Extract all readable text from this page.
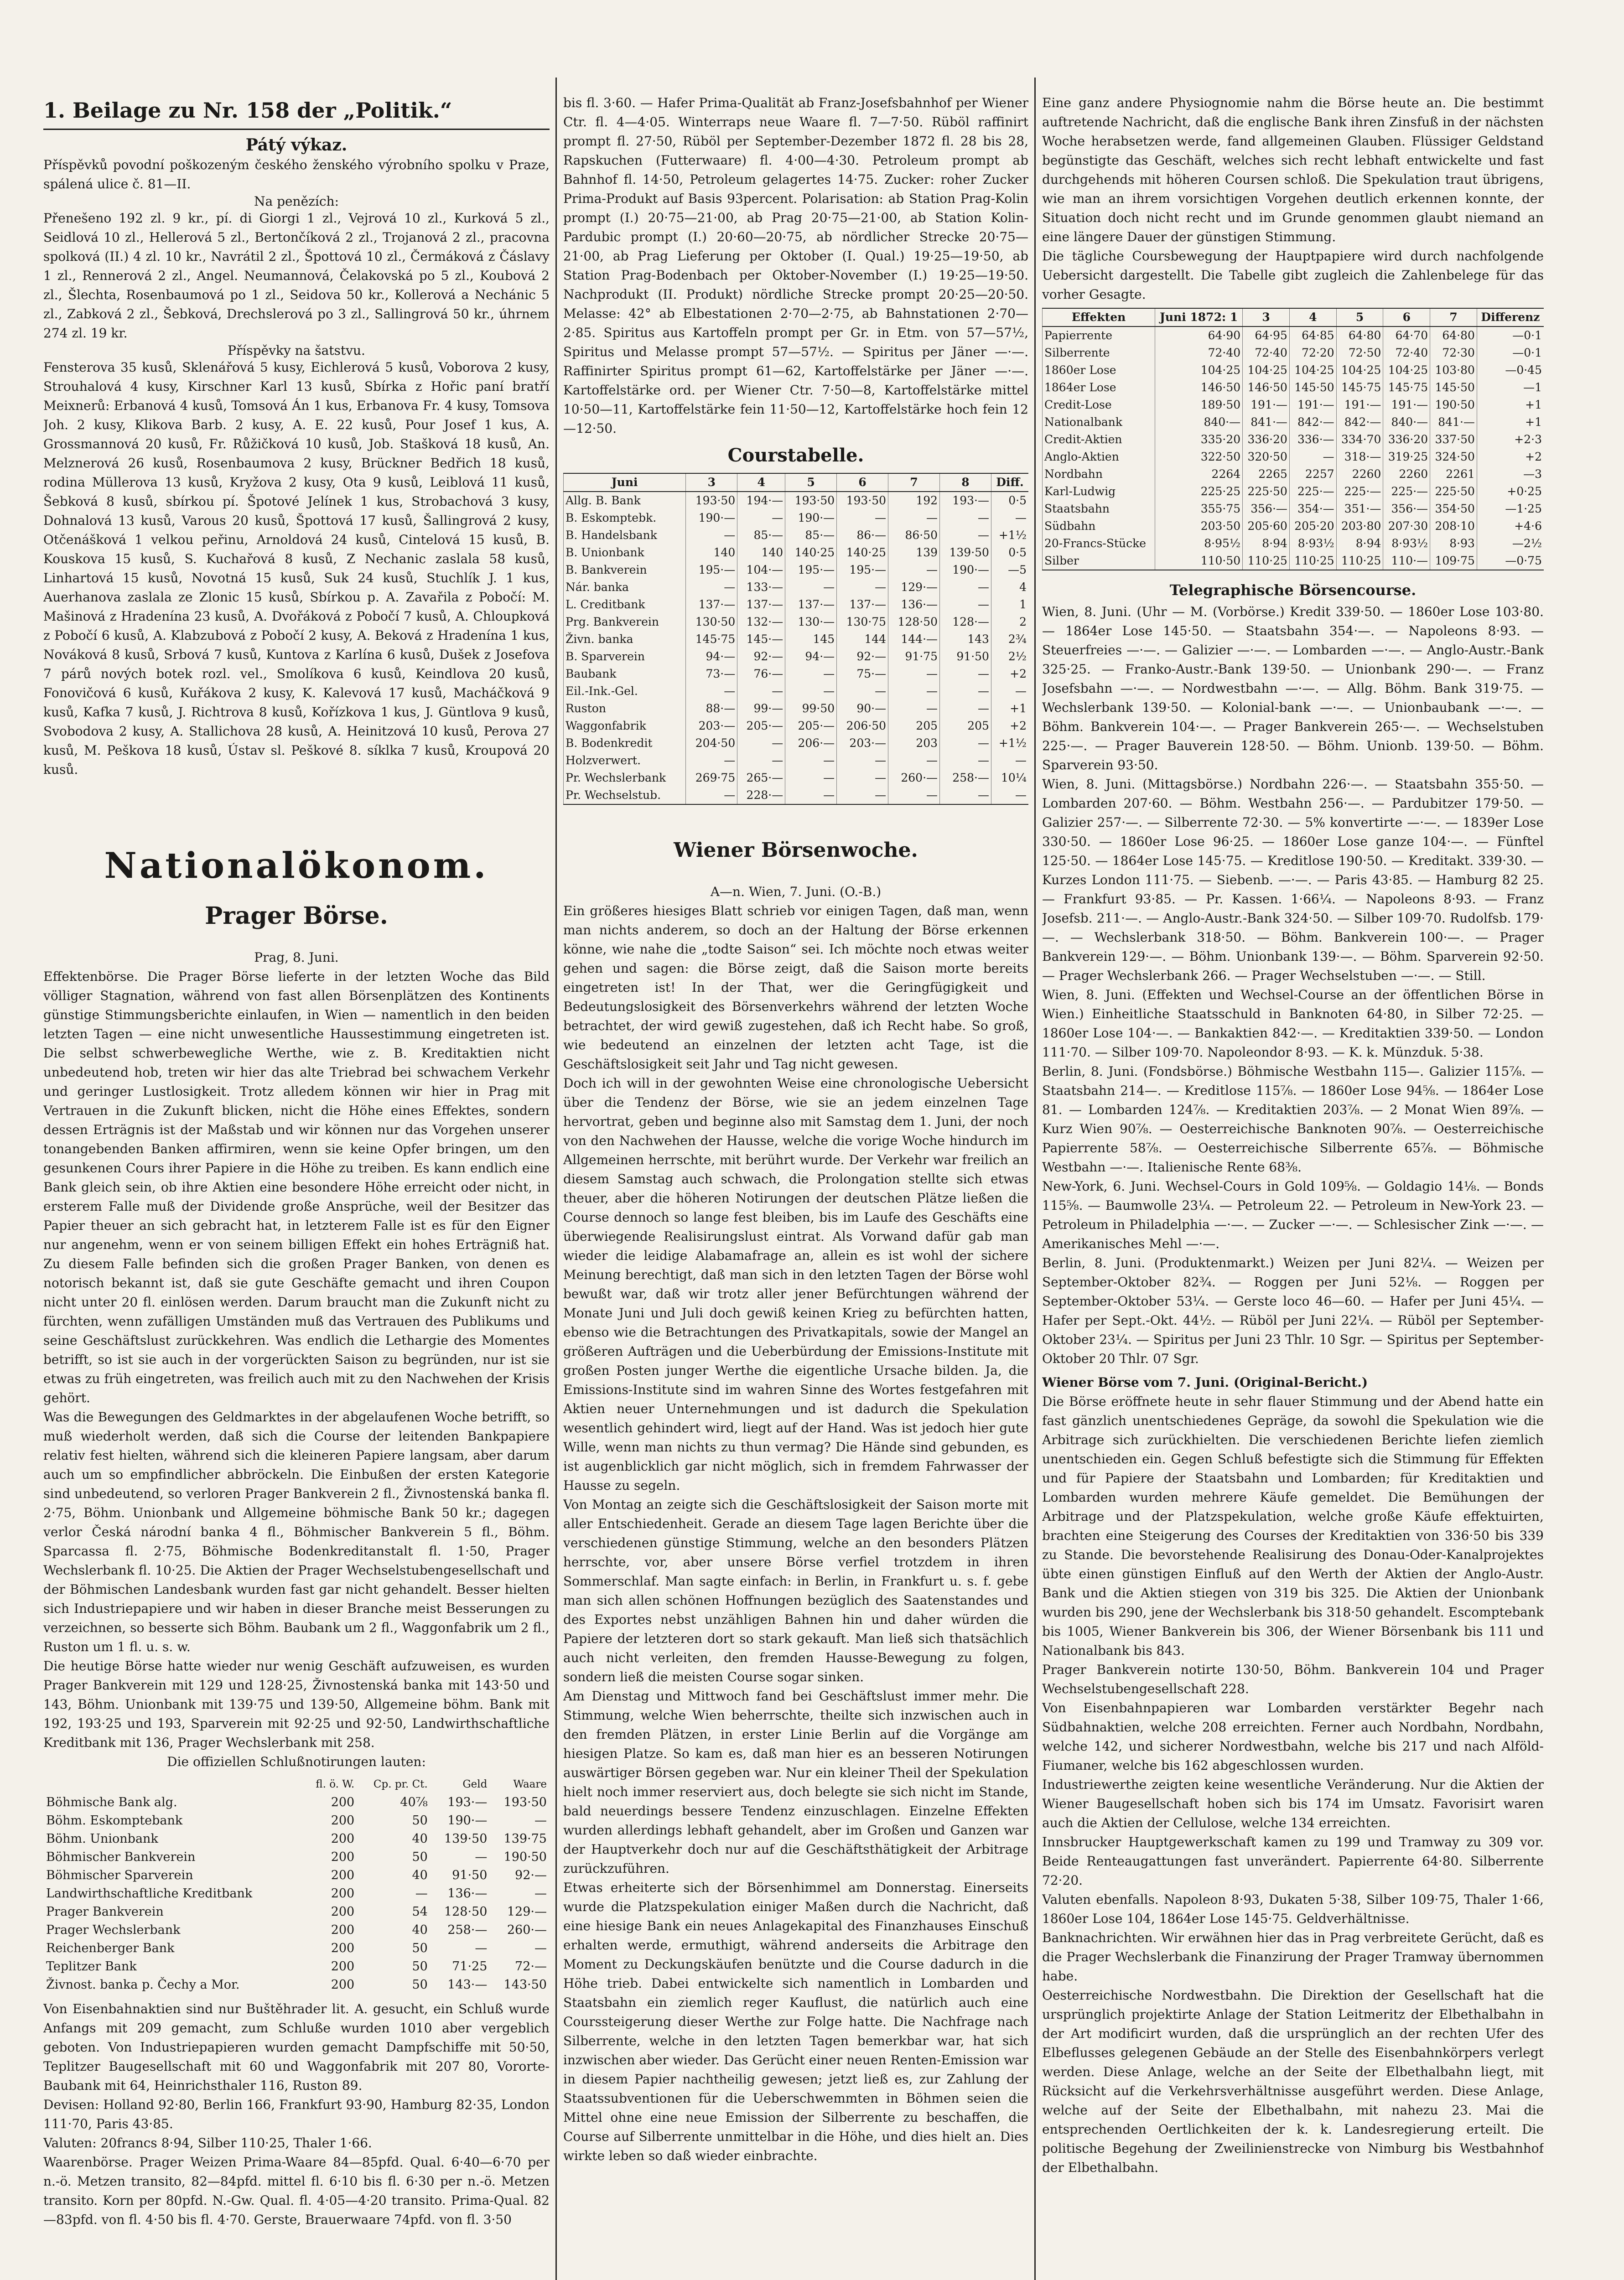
1. Beilage zu Nr. 158 der „Politik.“
Pátý výkaz.

Příspěvků povodní poškozeným českého ženského výrobního spolku v Praze, spálená ulice č. 81—II.

Na penězích:

Přenešeno 192 zl. 9 kr., pí. di Giorgi 1 zl., Vejrová 10 zl., Kurková 5 zl., Seidlová 10 zl., Hellerová 5 zl., Bertončíková 2 zl., Trojanová 2 zl., pracovna spolková (II.) 4 zl. 10 kr., Navrátil 2 zl., Špottová 10 zl., Čermáková z Čáslavy 1 zl., Rennerová 2 zl., Angel. Neumannová, Čelakovská po 5 zl., Koubová 2 zl., Šlechta, Rosenbaumová po 1 zl., Seidova 50 kr., Kollerová a Nechánic 5 zl., Zabková 2 zl., Šebková, Drechslerová po 3 zl., Sallingrová 50 kr., úhrnem 274 zl. 19 kr.

Příspěvky na šatstvu.

Fensterova 35 kusů, Sklenářová 5 kusy, Eichlerová 5 kusů, Voborova 2 kusy, Strouhalová 4 kusy, Kirschner Karl 13 kusů, Sbírka z Hořic paní bratří Meixnerů: Erbanová 4 kusů, Tomsová Án 1 kus, Erbanova Fr. 4 kusy, Tomsova Joh. 2 kusy, Klikova Barb. 2 kusy, A. E. 22 kusů, Pour Josef 1 kus, A. Grossmannová 20 kusů, Fr. Růžičková 10 kusů, Job. Stašková 18 kusů, An. Melznerová 26 kusů, Rosenbaumova 2 kusy, Brückner Bedřich 18 kusů, rodina Müllerova 13 kusů, Kryžova 2 kusy, Ota 9 kusů, Leiblová 11 kusů, Šebková 8 kusů, sbírkou pí. Špotové Jelínek 1 kus, Strobachová 3 kusy, Dohnalová 13 kusů, Varous 20 kusů, Špottová 17 kusů, Šallingrová 2 kusy, Otčenášková 1 velkou peřinu, Arnoldová 24 kusů, Cintelová 15 kusů, B. Kouskova 15 kusů, S. Kuchařová 8 kusů, Z Nechanic zaslala 58 kusů, Linhartová 15 kusů, Novotná 15 kusů, Suk 24 kusů, Stuchlík J. 1 kus, Auerhanova zaslala ze Zlonic 15 kusů, Sbírkou p. A. Zavařila z Pobočí: M. Mašinová z Hradenína 23 kusů, A. Dvořáková z Pobočí 7 kusů, A. Chloupková z Pobočí 6 kusů, A. Klabzubová z Pobočí 2 kusy, A. Beková z Hradenína 1 kus, Nováková 8 kusů, Srbová 7 kusů, Kuntova z Karlína 6 kusů, Dušek z Josefova 7 párů nových botek rozl. vel., Smolíkova 6 kusů, Keindlova 20 kusů, Fonovičová 6 kusů, Kuřákova 2 kusy, K. Kalevová 17 kusů, Macháčková 9 kusů, Kafka 7 kusů, J. Richtrova 8 kusů, Kořízkova 1 kus, J. Güntlova 9 kusů, Svobodova 2 kusy, A. Stallichova 28 kusů, A. Heinitzová 10 kusů, Perova 27 kusů, M. Peškova 18 kusů, Ústav sl. Peškové 8. síklka 7 kusů, Kroupová 20 kusů.

Nationalökonom.
Prager Börse.
Prag, 8. Juni.

Effektenbörse. Die Prager Börse lieferte in der letzten Woche das Bild völliger Stagnation, während von fast allen Börsenplätzen des Kontinents günstige Stimmungsberichte einlaufen, in Wien — namentlich in den beiden letzten Tagen — eine nicht unwesentliche Haussestimmung eingetreten ist. Die selbst schwerbewegliche Werthe, wie z. B. Kreditaktien nicht unbedeutend hob, treten wir hier das alte Triebrad bei schwachem Verkehr und geringer Lustlosigkeit. Trotz alledem können wir hier in Prag mit Vertrauen in die Zukunft blicken, nicht die Höhe eines Effektes, sondern dessen Erträgnis ist der Maßstab und wir können nur das Vorgehen unserer tonangebenden Banken affirmiren, wenn sie keine Opfer bringen, um den gesunkenen Cours ihrer Papiere in die Höhe zu treiben. Es kann endlich eine Bank gleich sein, ob ihre Aktien eine besondere Höhe erreicht oder nicht, in ersterem Falle muß der Dividende große Ansprüche, weil der Besitzer das Papier theuer an sich gebracht hat, in letzterem Falle ist es für den Eigner nur angenehm, wenn er von seinem billigen Effekt ein hohes Erträgniß hat. Zu diesem Falle befinden sich die großen Prager Banken, von denen es notorisch bekannt ist, daß sie gute Geschäfte gemacht und ihren Coupon nicht unter 20 fl. einlösen werden. Darum braucht man die Zukunft nicht zu fürchten, wenn zufälligen Umständen muß das Vertrauen des Publikums und seine Geschäftslust zurückkehren. Was endlich die Lethargie des Momentes betrifft, so ist sie auch in der vorgerückten Saison zu begründen, nur ist sie etwas zu früh eingetreten, was freilich auch mit zu den Nachwehen der Krisis gehört.

Was die Bewegungen des Geldmarktes in der abgelaufenen Woche betrifft, so muß wiederholt werden, daß sich die Course der leitenden Bankpapiere relativ fest hielten, während sich die kleineren Papiere langsam, aber darum auch um so empfindlicher abbröckeln. Die Einbußen der ersten Kategorie sind unbedeutend, so verloren Prager Bankverein 2 fl., Živnostenská banka fl. 2·75, Böhm. Unionbank und Allgemeine böhmische Bank 50 kr.; dagegen verlor Česká národní banka 4 fl., Böhmischer Bankverein 5 fl., Böhm. Sparcassa fl. 2·75, Böhmische Bodenkreditanstalt fl. 1·50, Prager Wechslerbank fl. 10·25. Die Aktien der Prager Wechselstubengesellschaft und der Böhmischen Landesbank wurden fast gar nicht gehandelt. Besser hielten sich Industriepapiere und wir haben in dieser Branche meist Besserungen zu verzeichnen, so besserte sich Böhm. Baubank um 2 fl., Waggonfabrik um 2 fl., Ruston um 1 fl. u. s. w.

Die heutige Börse hatte wieder nur wenig Geschäft aufzuweisen, es wurden Prager Bankverein mit 129 und 128·25, Živnostenská banka mit 143·50 und 143, Böhm. Unionbank mit 139·75 und 139·50, Allgemeine böhm. Bank mit 192, 193·25 und 193, Sparverein mit 92·25 und 92·50, Landwirthschaftliche Kreditbank mit 136, Prager Wechslerbank mit 258.

Die offiziellen Schlußnotirungen lauten:

	fl. ö. W.	Cp. pr. Ct.	Geld	Waare
Böhmische Bank alg.	200	40⅞	193·—	193·50
Böhm. Eskomptebank	200	50	190·—	—
Böhm. Unionbank	200	40	139·50	139·75
Böhmischer Bankverein	200	50	—	190·50
Böhmischer Sparverein	200	40	91·50	92·—
Landwirthschaftliche Kreditbank	200	—	136·—	—
Prager Bankverein	200	54	128·50	129·—
Prager Wechslerbank	200	40	258·—	260·—
Reichenberger Bank	200	50	—	—
Teplitzer Bank	200	50	71·25	72·—
Živnost. banka p. Čechy a Mor.	200	50	143·—	143·50

Von Eisenbahnaktien sind nur Buštěhrader lit. A. gesucht, ein Schluß wurde Anfangs mit 209 gemacht, zum Schluße wurden 1010 aber vergeblich geboten. Von Industriepapieren wurden gemacht Dampfschiffe mit 50·50, Teplitzer Baugesellschaft mit 60 und Waggonfabrik mit 207 80, Vororte-Baubank mit 64, Heinrichsthaler 116, Ruston 89.

Devisen: Holland 92·80, Berlin 166, Frankfurt 93·90, Hamburg 82·35, London 111·70, Paris 43·85.

Valuten: 20francs 8·94, Silber 110·25, Thaler 1·66.

Waarenbörse. Prager Weizen Prima-Waare 84—85pfd. Qual. 6·40—6·70 per n.-ö. Metzen transito, 82—84pfd. mittel fl. 6·10 bis fl. 6·30 per n.-ö. Metzen transito. Korn per 80pfd. N.-Gw. Qual. fl. 4·05—4·20 transito. Prima-Qual. 82—83pfd. von fl. 4·50 bis fl. 4·70. Gerste, Brauerwaare 74pfd. von fl. 3·50

bis fl. 3·60. — Hafer Prima-Qualität ab Franz-Josefsbahnhof per Wiener Ctr. fl. 4—4·05. Winterraps neue Waare fl. 7—7·50. Rüböl raffinirt prompt fl. 27·50, Rüböl per September-Dezember 1872 fl. 28 bis 28, Rapskuchen (Futterwaare) fl. 4·00—4·30. Petroleum prompt ab Bahnhof fl. 14·50, Petroleum gelagertes 14·75. Zucker: roher Zucker Prima-Produkt auf Basis 93percent. Polarisation: ab Station Prag-Kolin prompt (I.) 20·75—21·00, ab Prag 20·75—21·00, ab Station Kolin-Pardubic prompt (I.) 20·60—20·75, ab nördlicher Strecke 20·75—21·00, ab Prag Lieferung per Oktober (I. Qual.) 19·25—19·50, ab Station Prag-Bodenbach per Oktober-November (I.) 19·25—19·50. Nachprodukt (II. Produkt) nördliche Strecke prompt 20·25—20·50. Melasse: 42° ab Elbestationen 2·70—2·75, ab Bahnstationen 2·70—2·85. Spiritus aus Kartoffeln prompt per Gr. in Etm. von 57—57½, Spiritus und Melasse prompt 57—57½. — Spiritus per Jäner —·—. Raffinirter Spiritus prompt 61—62, Kartoffelstärke per Jäner —·—. Kartoffelstärke ord. per Wiener Ctr. 7·50—8, Kartoffelstärke mittel 10·50—11, Kartoffelstärke fein 11·50—12, Kartoffelstärke hoch fein 12—12·50.

Courstabelle.
Juni	3	4	5	6	7	8	Diff.
Allg. B. Bank	193·50	194·—	193·50	193·50	192	193·—	0·5
B. Eskomptebk.	190·—	—	190·—	—	—	—	—
B. Handelsbank	—	85·—	85·—	86·—	86·50	—	+1½
B. Unionbank	140	140	140·25	140·25	139	139·50	0·5
B. Bankverein	195·—	104·—	195·—	195·—	—	190·—	—5
Nár. banka	—	133·—	—	—	129·—	—	4
L. Creditbank	137·—	137·—	137·—	137·—	136·—	—	1
Prg. Bankverein	130·50	132·—	130·—	130·75	128·50	128·—	2
Živn. banka	145·75	145·—	145	144	144·—	143	2¾
B. Sparverein	94·—	92·—	94·—	92·—	91·75	91·50	2½
Baubank	73·—	76·—	—	75·—	—	—	+2
Eil.-Ink.-Gel.	—	—	—	—	—	—	—
Ruston	88·—	99·—	99·50	90·—	—	—	+1
Waggonfabrik	203·—	205·—	205·—	206·50	205	205	+2
B. Bodenkredit	204·50	—	206·—	203·—	203	—	+1½
Holzverwert.	—	—	—	—	—	—	—
Pr. Wechslerbank	269·75	265·—	—	—	260·—	258·—	10¼
Pr. Wechselstub.	—	228·—	—	—	—	—	—
Wiener Börsenwoche.
A—n. Wien, 7. Juni. (O.-B.)

Ein größeres hiesiges Blatt schrieb vor einigen Tagen, daß man, wenn man nichts anderem, so doch an der Haltung der Börse erkennen könne, wie nahe die „todte Saison“ sei. Ich möchte noch etwas weiter gehen und sagen: die Börse zeigt, daß die Saison morte bereits eingetreten ist! In der That, wer die Geringfügigkeit und Bedeutungslosigkeit des Börsenverkehrs während der letzten Woche betrachtet, der wird gewiß zugestehen, daß ich Recht habe. So groß, wie bedeutend an einzelnen der letzten acht Tage, ist die Geschäftslosigkeit seit Jahr und Tag nicht gewesen.

Doch ich will in der gewohnten Weise eine chronologische Uebersicht über die Tendenz der Börse, wie sie an jedem einzelnen Tage hervortrat, geben und beginne also mit Samstag dem 1. Juni, der noch von den Nachwehen der Hausse, welche die vorige Woche hindurch im Allgemeinen herrschte, mit berührt wurde. Der Verkehr war freilich an diesem Samstag auch schwach, die Prolongation stellte sich etwas theuer, aber die höheren Notirungen der deutschen Plätze ließen die Course dennoch so lange fest bleiben, bis im Laufe des Geschäfts eine überwiegende Realisirungslust eintrat. Als Vorwand dafür gab man wieder die leidige Alabamafrage an, allein es ist wohl der sichere Meinung berechtigt, daß man sich in den letzten Tagen der Börse wohl bewußt war, daß wir trotz aller jener Befürchtungen während der Monate Juni und Juli doch gewiß keinen Krieg zu befürchten hatten, ebenso wie die Betrachtungen des Privatkapitals, sowie der Mangel an größeren Aufträgen und die Ueberbürdung der Emissions-Institute mit großen Posten junger Werthe die eigentliche Ursache bilden. Ja, die Emissions-Institute sind im wahren Sinne des Wortes festgefahren mit Aktien neuer Unternehmungen und ist dadurch die Spekulation wesentlich gehindert wird, liegt auf der Hand. Was ist jedoch hier gute Wille, wenn man nichts zu thun vermag? Die Hände sind gebunden, es ist augenblicklich gar nicht möglich, sich in fremdem Fahrwasser der Hausse zu segeln.

Von Montag an zeigte sich die Geschäftslosigkeit der Saison morte mit aller Entschiedenheit. Gerade an diesem Tage lagen Berichte über die verschiedenen günstige Stimmung, welche an den besonders Plätzen herrschte, vor, aber unsere Börse verfiel trotzdem in ihren Sommerschlaf. Man sagte einfach: in Berlin, in Frankfurt u. s. f. gebe man sich allen schönen Hoffnungen bezüglich des Saatenstandes und des Exportes nebst unzähligen Bahnen hin und daher würden die Papiere der letzteren dort so stark gekauft. Man ließ sich thatsächlich auch nicht verleiten, den fremden Hausse-Bewegung zu folgen, sondern ließ die meisten Course sogar sinken.

Am Dienstag und Mittwoch fand bei Geschäftslust immer mehr. Die Stimmung, welche Wien beherrschte, theilte sich inzwischen auch in den fremden Plätzen, in erster Linie Berlin auf die Vorgänge am hiesigen Platze. So kam es, daß man hier es an besseren Notirungen auswärtiger Börsen gegeben war. Nur ein kleiner Theil der Spekulation hielt noch immer reserviert aus, doch belegte sie sich nicht im Stande, bald neuerdings bessere Tendenz einzuschlagen. Einzelne Effekten wurden allerdings lebhaft gehandelt, aber im Großen und Ganzen war der Hauptverkehr doch nur auf die Geschäftsthätigkeit der Arbitrage zurückzuführen.

Etwas erheiterte sich der Börsenhimmel am Donnerstag. Einerseits wurde die Platzspekulation einiger Maßen durch die Nachricht, daß eine hiesige Bank ein neues Anlagekapital des Finanzhauses Einschuß erhalten werde, ermuthigt, während anderseits die Arbitrage den Moment zu Deckungskäufen benützte und die Course dadurch in die Höhe trieb. Dabei entwickelte sich namentlich in Lombarden und Staatsbahn ein ziemlich reger Kauflust, die natürlich auch eine Courssteigerung dieser Werthe zur Folge hatte. Die Nachfrage nach Silberrente, welche in den letzten Tagen bemerkbar war, hat sich inzwischen aber wieder. Das Gerücht einer neuen Renten-Emission war in diesem Papier nachtheilig gewesen; jetzt ließ es, zur Zahlung der Staatssubventionen für die Ueberschwemmten in Böhmen seien die Mittel ohne eine neue Emission der Silberrente zu beschaffen, die Course auf Silberrente unmittelbar in die Höhe, und dies hielt an. Dies wirkte leben so daß wieder einbrachte.

Eine ganz andere Physiognomie nahm die Börse heute an. Die bestimmt auftretende Nachricht, daß die englische Bank ihren Zinsfuß in der nächsten Woche herabsetzen werde, fand allgemeinen Glauben. Flüssiger Geldstand begünstigte das Geschäft, welches sich recht lebhaft entwickelte und fast durchgehends mit höheren Coursen schloß. Die Spekulation traut übrigens, wie man an ihrem vorsichtigen Vorgehen deutlich erkennen konnte, der Situation doch nicht recht und im Grunde genommen glaubt niemand an eine längere Dauer der günstigen Stimmung.

Die tägliche Coursbewegung der Hauptpapiere wird durch nachfolgende Uebersicht dargestellt. Die Tabelle gibt zugleich die Zahlenbelege für das vorher Gesagte.

Effekten	Juni 1872: 1	3	4	5	6	7	Differenz
Papierrente	64·90	64·95	64·85	64·80	64·70	64·80	—0·1
Silberrente	72·40	72·40	72·20	72·50	72·40	72·30	—0·1
1860er Lose	104·25	104·25	104·25	104·25	104·25	103·80	—0·45
1864er Lose	146·50	146·50	145·50	145·75	145·75	145·50	—1
Credit-Lose	189·50	191·—	191·—	191·—	191·—	190·50	+1
Nationalbank	840·—	841·—	842·—	842·—	840·—	841·—	+1
Credit-Aktien	335·20	336·20	336·—	334·70	336·20	337·50	+2·3
Anglo-Aktien	322·50	320·50	—	318·—	319·25	324·50	+2
Nordbahn	2264	2265	2257	2260	2260	2261	—3
Karl-Ludwig	225·25	225·50	225·—	225·—	225·—	225·50	+0·25
Staatsbahn	355·75	356·—	354·—	351·—	356·—	354·50	—1·25
Südbahn	203·50	205·60	205·20	203·80	207·30	208·10	+4·6
20-Francs-Stücke	8·95½	8·94	8·93½	8·94	8·93½	8·93	—2½
Silber	110·50	110·25	110·25	110·25	110·—	109·75	—0·75
Telegraphische Börsencourse.

Wien, 8. Juni. (Uhr — M. (Vorbörse.) Kredit 339·50. — 1860er Lose 103·80. — 1864er Lose 145·50. — Staatsbahn 354·—. — Napoleons 8·93. — Steuerfreies —·—. — Galizier —·—. — Lombarden —·—. — Anglo-Austr.-Bank 325·25. — Franko-Austr.-Bank 139·50. — Unionbank 290·—. — Franz Josefsbahn —·—. — Nordwestbahn —·—. — Allg. Böhm. Bank 319·75. — Wechslerbank 139·50. — Kolonial-bank —·—. — Unionbaubank —·—. — Böhm. Bankverein 104·—. — Prager Bankverein 265·—. — Wechselstuben 225·—. — Prager Bauverein 128·50. — Böhm. Unionb. 139·50. — Böhm. Sparverein 93·50.

Wien, 8. Juni. (Mittagsbörse.) Nordbahn 226·—. — Staatsbahn 355·50. — Lombarden 207·60. — Böhm. Westbahn 256·—. — Pardubitzer 179·50. — Galizier 257·—. — Silberrente 72·30. — 5% konvertirte —·—. — 1839er Lose 330·50. — 1860er Lose 96·25. — 1860er Lose ganze 104·—. — Fünftel 125·50. — 1864er Lose 145·75. — Kreditlose 190·50. — Kreditakt. 339·30. — Kurzes London 111·75. — Siebenb. —·—. — Paris 43·85. — Hamburg 82 25. — Frankfurt 93·85. — Pr. Kassen. 1·66¼. — Napoleons 8·93. — Franz Josefsb. 211·—. — Anglo-Austr.-Bank 324·50. — Silber 109·70. Rudolfsb. 179·—. — Wechslerbank 318·50. — Böhm. Bankverein 100·—. — Prager Bankverein 129·—. — Böhm. Unionbank 139·—. — Böhm. Sparverein 92·50. — Prager Wechslerbank 266. — Prager Wechselstuben —·—. — Still.

Wien, 8. Juni. (Effekten und Wechsel-Course an der öffentlichen Börse in Wien.) Einheitliche Staatsschuld in Banknoten 64·80, in Silber 72·25. — 1860er Lose 104·—. — Bankaktien 842·—. — Kreditaktien 339·50. — London 111·70. — Silber 109·70. Napoleondor 8·93. — K. k. Münzduk. 5·38.

Berlin, 8. Juni. (Fondsbörse.) Böhmische Westbahn 115—. Galizier 115⅞. — Staatsbahn 214—. — Kreditlose 115⅞. — 1860er Lose 94⅝. — 1864er Lose 81. — Lombarden 124⅞. — Kreditaktien 203⅞. — 2 Monat Wien 89⅞. — Kurz Wien 90⅞. — Oesterreichische Banknoten 90⅞. — Oesterreichische Papierrente 58⅞. — Oesterreichische Silberrente 65⅞. — Böhmische Westbahn —·—. Italienische Rente 68⅜.

New-York, 6. Juni. Wechsel-Cours in Gold 109⅝. — Goldagio 14⅛. — Bonds 115⅝. — Baumwolle 23¼. — Petroleum 22. — Petroleum in New-York 23. — Petroleum in Philadelphia —·—. — Zucker —·—. — Schlesischer Zink —·—. — Amerikanisches Mehl —·—.

Berlin, 8. Juni. (Produktenmarkt.) Weizen per Juni 82¼. — Weizen per September-Oktober 82¾. — Roggen per Juni 52⅛. — Roggen per September-Oktober 53¼. — Gerste loco 46—60. — Hafer per Juni 45¼. — Hafer per Sept.-Okt. 44½. — Rüböl per Juni 22¼. — Rüböl per September-Oktober 23¼. — Spiritus per Juni 23 Thlr. 10 Sgr. — Spiritus per September-Oktober 20 Thlr. 07 Sgr.

Wiener Börse vom 7. Juni. (Original-Bericht.)

Die Börse eröffnete heute in sehr flauer Stimmung und der Abend hatte ein fast gänzlich unentschiedenes Gepräge, da sowohl die Spekulation wie die Arbitrage sich zurückhielten. Die verschiedenen Berichte liefen ziemlich unentschieden ein. Gegen Schluß befestigte sich die Stimmung für Effekten und für Papiere der Staatsbahn und Lombarden; für Kreditaktien und Lombarden wurden mehrere Käufe gemeldet. Die Bemühungen der Arbitrage und der Platzspekulation, welche große Käufe effektuirten, brachten eine Steigerung des Courses der Kreditaktien von 336·50 bis 339 zu Stande. Die bevorstehende Realisirung des Donau-Oder-Kanalprojektes übte einen günstigen Einfluß auf den Werth der Aktien der Anglo-Austr. Bank und die Aktien stiegen von 319 bis 325. Die Aktien der Unionbank wurden bis 290, jene der Wechslerbank bis 318·50 gehandelt. Escomptebank bis 1005, Wiener Bankverein bis 306, der Wiener Börsenbank bis 111 und Nationalbank bis 843.

Prager Bankverein notirte 130·50, Böhm. Bankverein 104 und Prager Wechselstubengesellschaft 228.

Von Eisenbahnpapieren war Lombarden verstärkter Begehr nach Südbahnaktien, welche 208 erreichten. Ferner auch Nordbahn, Nordbahn, welche 142, und sicherer Nordwestbahn, welche bis 217 und nach Alföld-Fiumaner, welche bis 162 abgeschlossen wurden.

Industriewerthe zeigten keine wesentliche Veränderung. Nur die Aktien der Wiener Baugesellschaft hoben sich bis 174 im Umsatz. Favorisirt waren auch die Aktien der Cellulose, welche 134 erreichten.

Innsbrucker Hauptgewerkschaft kamen zu 199 und Tramway zu 309 vor. Beide Renteaugattungen fast unverändert. Papierrente 64·80. Silberrente 72·20.

Valuten ebenfalls. Napoleon 8·93, Dukaten 5·38, Silber 109·75, Thaler 1·66, 1860er Lose 104, 1864er Lose 145·75. Geldverhältnisse.

Banknachrichten. Wir erwähnen hier das in Prag verbreitete Gerücht, daß es die Prager Wechslerbank die Finanzirung der Prager Tramway übernommen habe.

Oesterreichische Nordwestbahn. Die Direktion der Gesellschaft hat die ursprünglich projektirte Anlage der Station Leitmeritz der Elbethalbahn in der Art modificirt wurden, daß die ursprünglich an der rechten Ufer des Elbeflusses gelegenen Gebäude an der Stelle des Eisenbahnkörpers verlegt werden. Diese Anlage, welche an der Seite der Elbethalbahn liegt, mit Rücksicht auf die Verkehrsverhältnisse ausgeführt werden. Diese Anlage, welche auf der Seite der Elbethalbahn, mit nahezu 23. Mai die entsprechenden Oertlichkeiten der k. k. Landesregierung erteilt. Die politische Begehung der Zweilinienstrecke von Nimburg bis Westbahnhof der Elbethalbahn.
